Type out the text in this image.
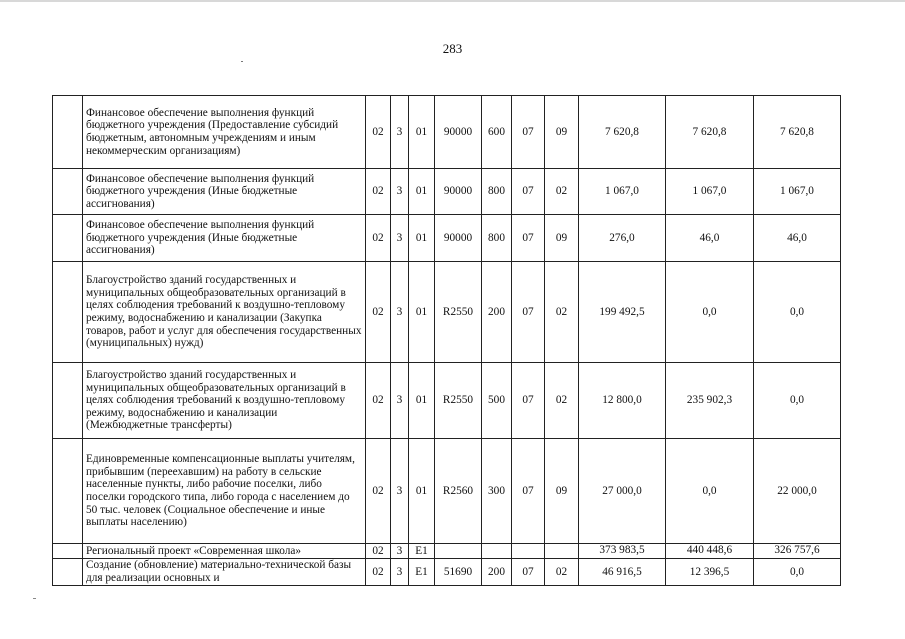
283
	Финансовое обеспечение выполнения функций бюджетного учреждения (Предоставление субсидий бюджетным, автономным учреждениям и иным некоммерческим организациям)	02	3	01	90000	600	07	09	7 620,8	7 620,8	7 620,8
	Финансовое обеспечение выполнения функций бюджетного учреждения (Иные бюджетные ассигнования)	02	3	01	90000	800	07	02	1 067,0	1 067,0	1 067,0
	Финансовое обеспечение выполнения функций бюджетного учреждения (Иные бюджетные ассигнования)	02	3	01	90000	800	07	09	276,0	46,0	46,0
	Благоустройство зданий государственных и муниципальных общеобразовательных организаций в целях соблюдения требований к воздушно-тепловому режиму, водоснабжению и канализации (Закупка товаров, работ и услуг для обеспечения государственных (муниципальных) нужд)	02	3	01	R2550	200	07	02	199 492,5	0,0	0,0
	Благоустройство зданий государственных и муниципальных общеобразовательных организаций в целях соблюдения требований к воздушно-тепловому режиму, водоснабжению и канализации (Межбюджетные трансферты)	02	3	01	R2550	500	07	02	12 800,0	235 902,3	0,0
	Единовременные компенсационные выплаты учителям, прибывшим (переехавшим) на работу в сельские населенные пункты, либо рабочие поселки, либо поселки городского типа, либо города с населением до 50 тыс. человек (Социальное обеспечение и иные выплаты населению)	02	3	01	R2560	300	07	09	27 000,0	0,0	22 000,0
	Региональный проект «Современная школа»	02	3	E1					373 983,5	440 448,6	326 757,6

	Создание (обновление) материально-технической базы для реализации основных и	02	3	E1	51690	200	07	02	46 916,5	12 396,5	0,0
